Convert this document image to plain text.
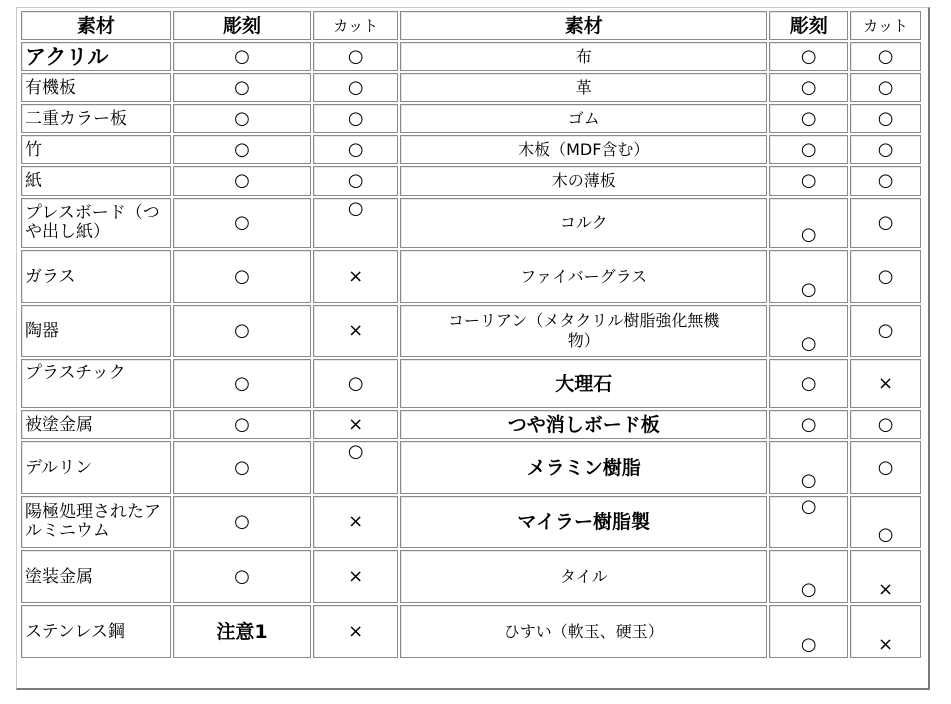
素材	彫刻	カット	素材	彫刻	カット
アクリル	○	○	布	○	○
有機板	○	○	革	○	○
二重カラー板	○	○	ゴム	○	○
竹	○	○	木板（MDF含む）	○	○
紙	○	○	木の薄板	○	○
プレスボード（つや出し紙）	○	○	コルク	○	○
ガラス	○	×	ファイバーグラス	○	○
陶器	○	×	コーリアン（メタクリル樹脂強化無機物）	○	○
プラスチック	○	○	大理石	○	×
被塗金属	○	×	つや消しボード板	○	○
デルリン	○	○	メラミン樹脂	○	○
陽極処理されたアルミニウム	○	×	マイラー樹脂製	○	○
塗装金属	○	×	タイル	○	×
ステンレス鋼	注意1	×	ひすい（軟玉、硬玉）	○	×
